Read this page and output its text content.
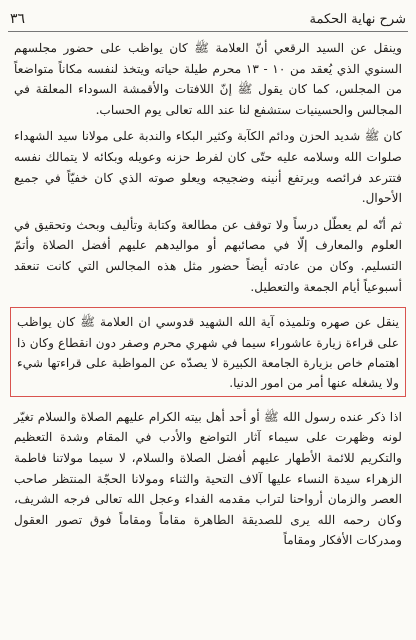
شرح نهاية الحكمة
٣٦

وينقل عن السيد الرقعي أنّ العلامة ﷺ كان يواظب على حضور مجلسهم السنوي الذي يُعقد من ١٠ - ١٣ محرم طيلة حياته ويتخذ لنفسه مكاناً متواضعاً من المجلس، كما كان يقول ﷺ إنّ اللافتات والأقمشة السوداء المعلقة في المجالس والحسينيات ستشفع لنا عند الله تعالى يوم الحساب.

كان ﷺ شديد الحزن ودائم الكآبة وكثير البكاء والندبة على مولانا سيد الشهداء صلوات الله وسلامه عليه حتّى كان لفرط حزنه وعويله وبكائه لا يتمالك نفسه فتترعد فرائصه ويرتفع أنينه وضجيجه ويعلو صوته الذي كان خفيّاً في جميع الأحوال.

ثم أنّه لم يعطّل درساً ولا توقف عن مطالعة وكتابة وتأليف وبحث وتحقيق في العلوم والمعارف إلّا في مصائبهم أو مواليدهم عليهم أفضل الصلاة وأتمّ التسليم. وكان من عادته أيضاً حضور مثل هذه المجالس التي كانت تنعقد أسبوعياً أيام الجمعة والتعطيل.

ينقل عن صهره وتلميذه آية الله الشهيد قدوسي ان العلامة ﷺ كان يواظب على قراءة زيارة عاشوراء سيما في شهري محرم وصفر دون انقطاع وكان ذا اهتمام خاص بزيارة الجامعة الكبيرة لا يصدّه عن المواظبة على قراءتها شيء ولا يشغله عنها أمر من امور الدنيا.

اذا ذكر عنده رسول الله ﷺ أو أحد أهل بيته الكرام عليهم الصلاة والسلام تغيّر لونه وظهرت على سيماء آثار التواضع والأدب في المقام وشدة التعظيم والتكريم للائمة الأطهار عليهم أفضل الصلاة والسلام، لا سيما مولاتنا فاطمة الزهراء سيدة النساء عليها آلاف التحية والثناء ومولانا الحجّة المنتظر صاحب العصر والزمان أرواحنا لتراب مقدمه الفداء وعجل الله تعالى فرجه الشريف، وكان رحمه الله يرى للصديقة الطاهرة مقاماً ومقاماً فوق تصور العقول ومدركات الأفكار ومقاماً
